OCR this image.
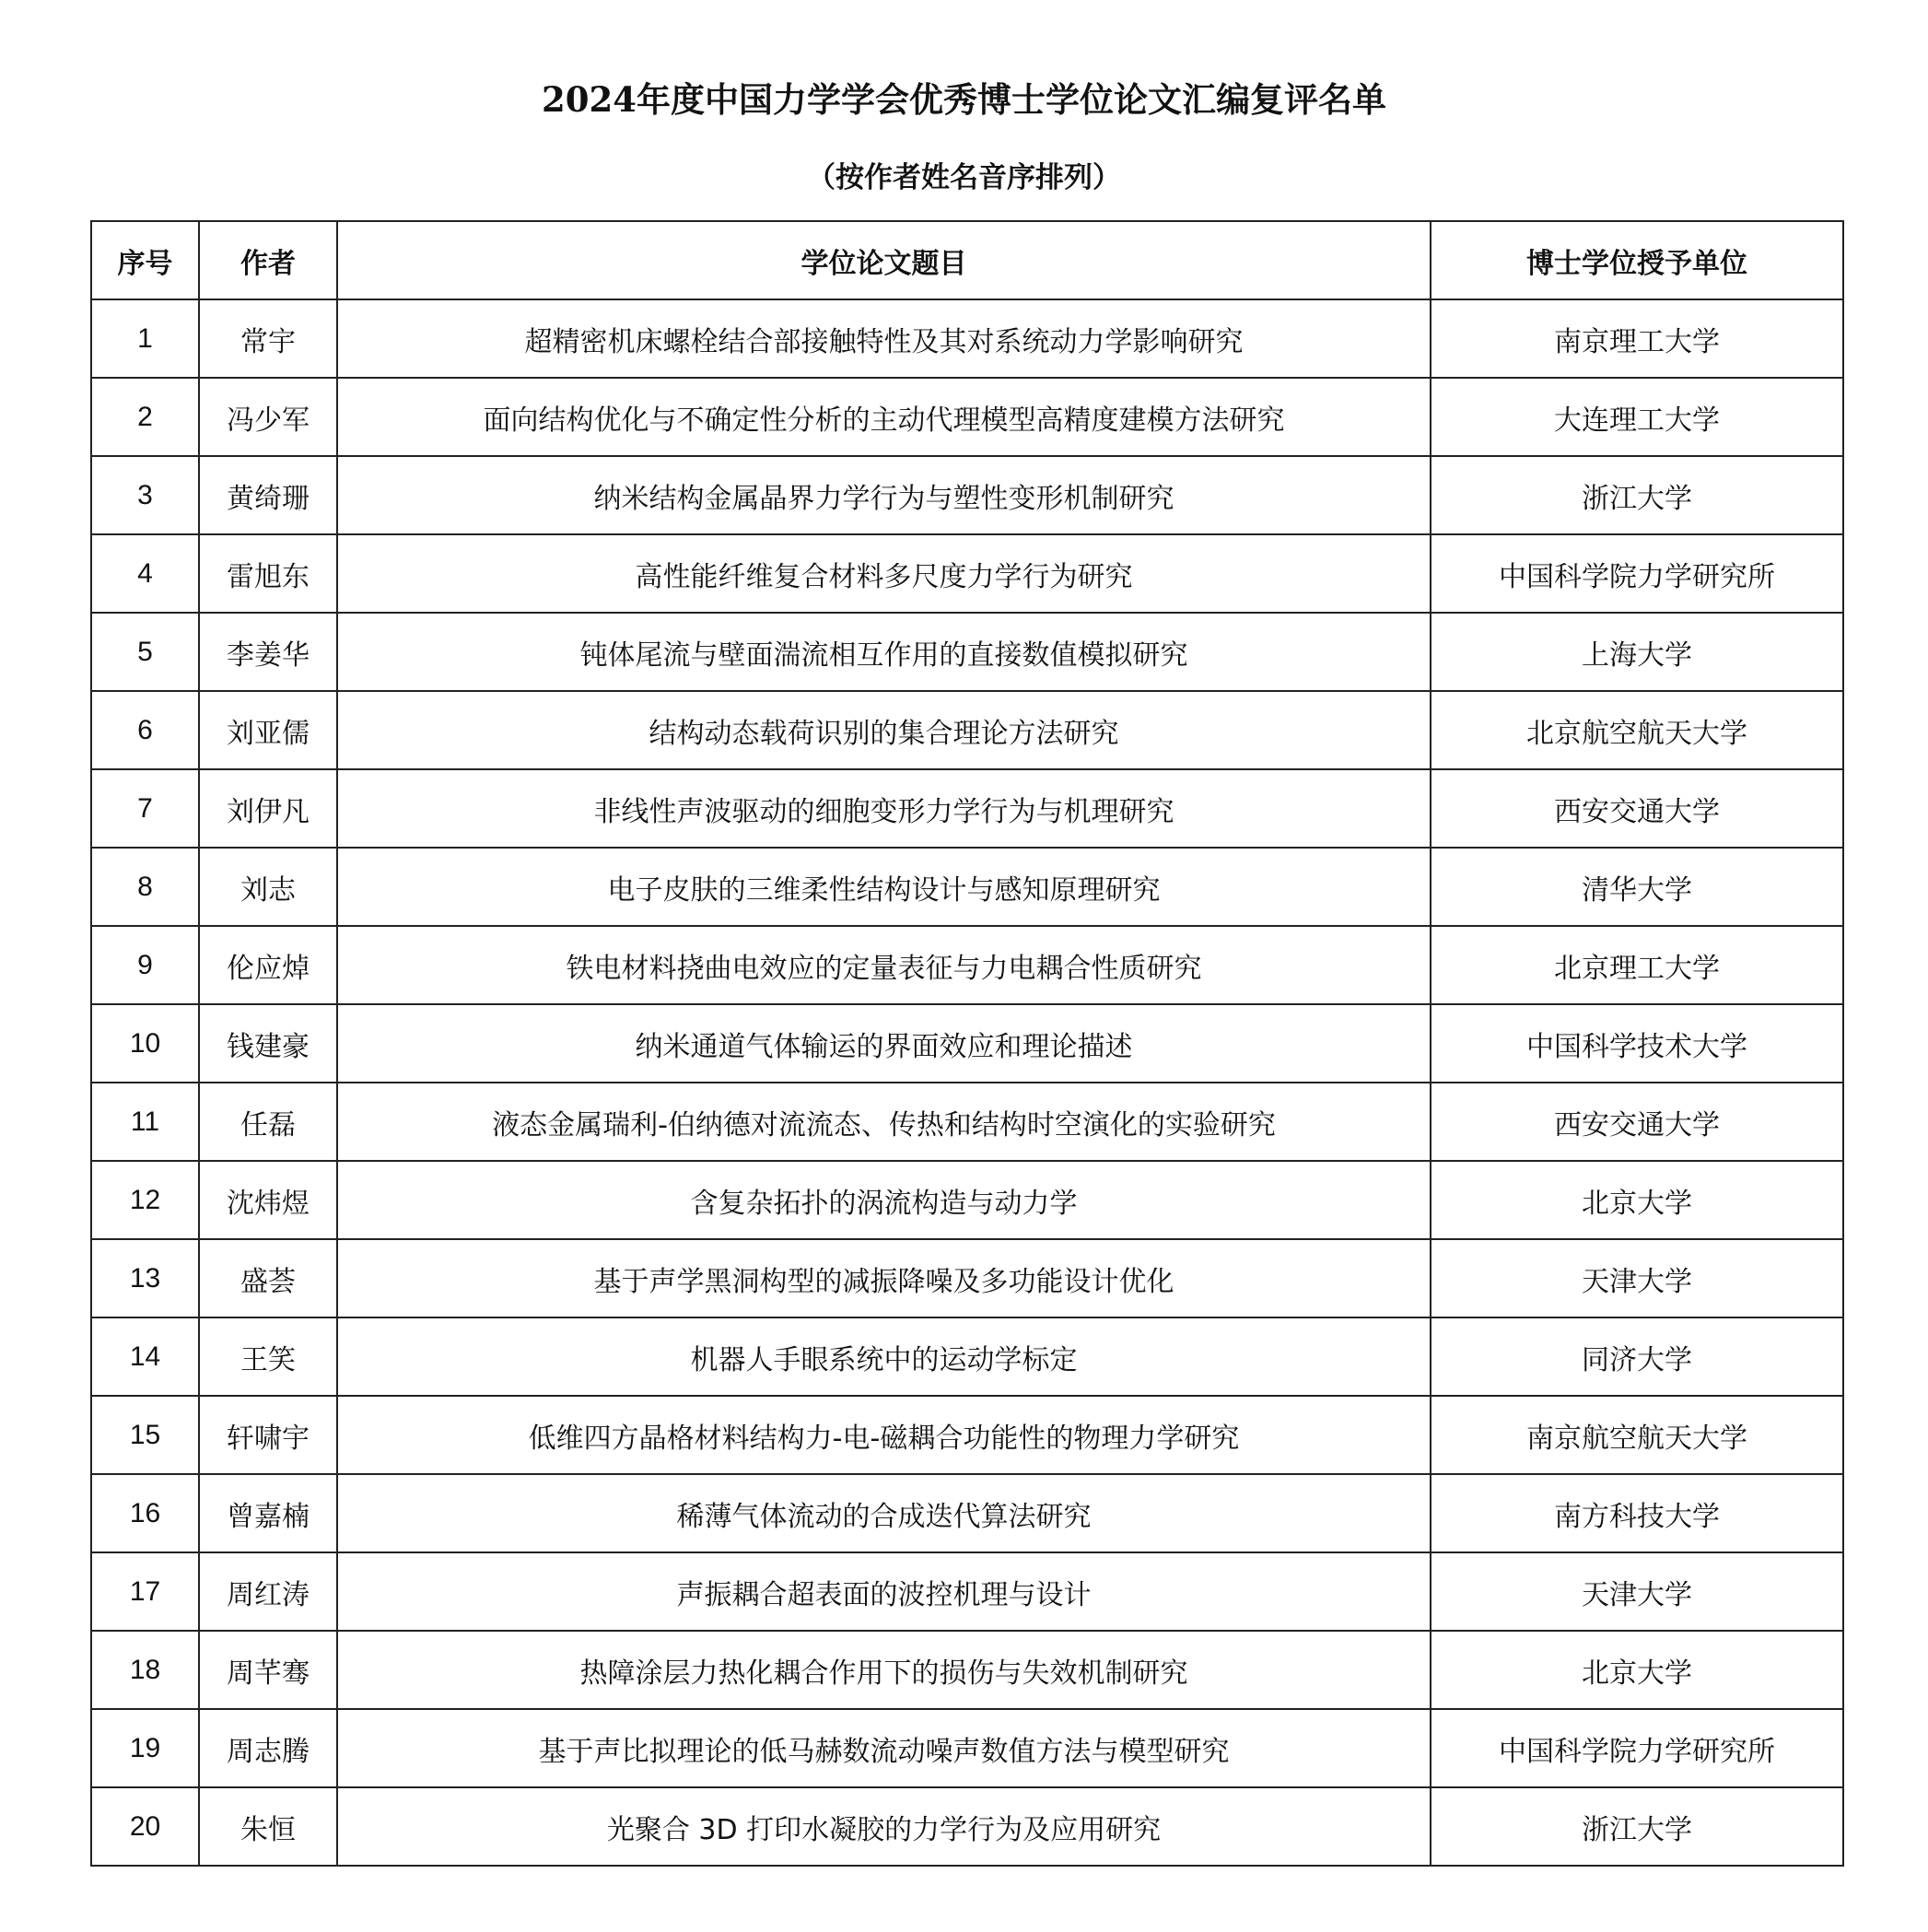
2024年度中国力学学会优秀博士学位论文汇编复评名单
（按作者姓名音序排列）
序号	作者	学位论文题目	博士学位授予单位
1	常宇	超精密机床螺栓结合部接触特性及其对系统动力学影响研究	南京理工大学
2	冯少军	面向结构优化与不确定性分析的主动代理模型高精度建模方法研究	大连理工大学
3	黄绮珊	纳米结构金属晶界力学行为与塑性变形机制研究	浙江大学
4	雷旭东	高性能纤维复合材料多尺度力学行为研究	中国科学院力学研究所
5	李姜华	钝体尾流与壁面湍流相互作用的直接数值模拟研究	上海大学
6	刘亚儒	结构动态载荷识别的集合理论方法研究	北京航空航天大学
7	刘伊凡	非线性声波驱动的细胞变形力学行为与机理研究	西安交通大学
8	刘志	电子皮肤的三维柔性结构设计与感知原理研究	清华大学
9	伦应焯	铁电材料挠曲电效应的定量表征与力电耦合性质研究	北京理工大学
10	钱建豪	纳米通道气体输运的界面效应和理论描述	中国科学技术大学
11	任磊	液态金属瑞利-伯纳德对流流态、传热和结构时空演化的实验研究	西安交通大学
12	沈炜煜	含复杂拓扑的涡流构造与动力学	北京大学
13	盛荟	基于声学黑洞构型的减振降噪及多功能设计优化	天津大学
14	王笑	机器人手眼系统中的运动学标定	同济大学
15	轩啸宇	低维四方晶格材料结构力-电-磁耦合功能性的物理力学研究	南京航空航天大学
16	曾嘉楠	稀薄气体流动的合成迭代算法研究	南方科技大学
17	周红涛	声振耦合超表面的波控机理与设计	天津大学
18	周芊骞	热障涂层力热化耦合作用下的损伤与失效机制研究	北京大学
19	周志腾	基于声比拟理论的低马赫数流动噪声数值方法与模型研究	中国科学院力学研究所
20	朱恒	光聚合 3D 打印水凝胶的力学行为及应用研究	浙江大学
